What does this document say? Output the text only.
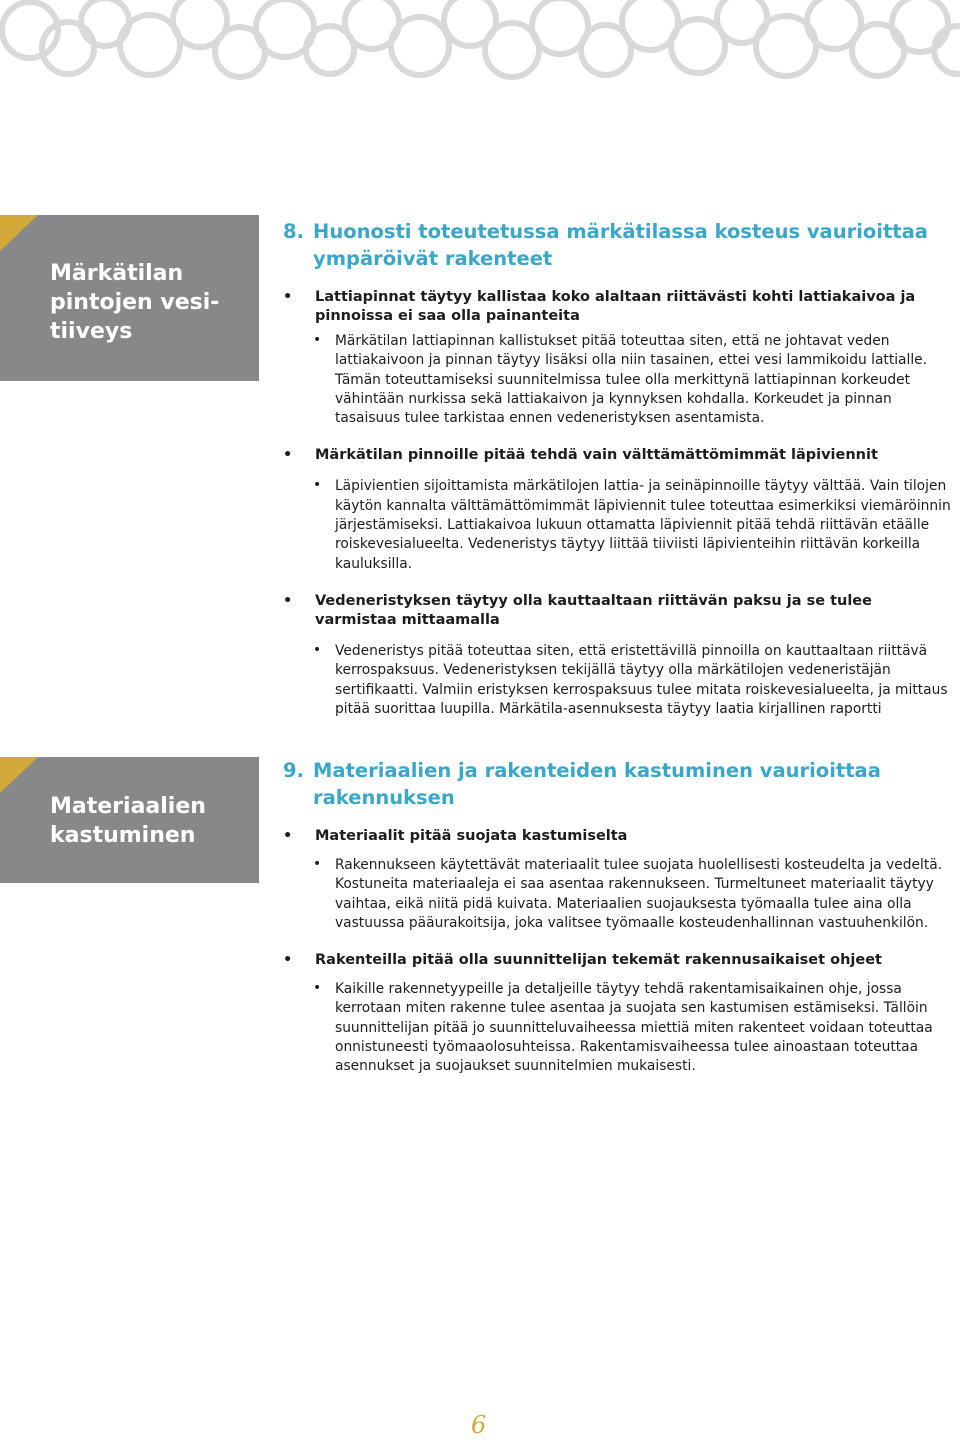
Märkätilan pintojen vesi-tiiveys
Materiaalien kastuminen
8. Huonosti toteutetussa märkätilassa kosteus vaurioittaa ympäröivät rakenteet
• Lattiapinnat täytyy kallistaa koko alaltaan riittävästi kohti lattiakaivoa ja pinnoissa ei saa olla painanteita
• Märkätilan lattiapinnan kallistukset pitää toteuttaa siten, että ne johtavat veden lattiakaivoon ja pinnan täytyy lisäksi olla niin tasainen, ettei vesi lammikoidu lattialle. Tämän toteuttamiseksi suunnitelmissa tulee olla merkittynä lattiapinnan korkeudet vähintään nurkissa sekä lattiakaivon ja kynnyksen kohdalla. Korkeudet ja pinnan tasaisuus tulee tarkistaa ennen vedeneristyksen asentamista.
• Märkätilan pinnoille pitää tehdä vain välttämättömimmät läpiviennit
• Läpivientien sijoittamista märkätilojen lattia- ja seinäpinnoille täytyy välttää. Vain tilojen käytön kannalta välttämättömimmät läpiviennit tulee toteuttaa esimerkiksi viemäröinnin järjestämiseksi. Lattiakaivoa lukuun ottamatta läpiviennit pitää tehdä riittävän etäälle roiskevesialueelta. Vedeneristys täytyy liittää tiiviisti läpivienteihin riittävän korkeilla kauluksilla.
• Vedeneristyksen täytyy olla kauttaaltaan riittävän paksu ja se tulee varmistaa mittaamalla
• Vedeneristys pitää toteuttaa siten, että eristettävillä pinnoilla on kauttaaltaan riittävä kerrospaksuus. Vedeneristyksen tekijällä täytyy olla märkätilojen vedeneristäjän sertifikaatti. Valmiin eristyksen kerrospaksuus tulee mitata roiskevesialueelta, ja mittaus pitää suorittaa luupilla. Märkätila-asennuksesta täytyy laatia kirjallinen raportti
9. Materiaalien ja rakenteiden kastuminen vaurioittaa rakennuksen
• Materiaalit pitää suojata kastumiselta
• Rakennukseen käytettävät materiaalit tulee suojata huolellisesti kosteudelta ja vedeltä. Kostuneita materiaaleja ei saa asentaa rakennukseen. Turmeltuneet materiaalit täytyy vaihtaa, eikä niitä pidä kuivata. Materiaalien suojauksesta työmaalla tulee aina olla vastuussa pääurakoitsija, joka valitsee työmaalle kosteudenhallinnan vastuuhenkilön.
• Rakenteilla pitää olla suunnittelijan tekemät rakennusaikaiset ohjeet
• Kaikille rakennetyypeille ja detaljeille täytyy tehdä rakentamisaikainen ohje, jossa kerrotaan miten rakenne tulee asentaa ja suojata sen kastumisen estämiseksi. Tällöin suunnittelijan pitää jo suunnitteluvaiheessa miettiä miten rakenteet voidaan toteuttaa onnistuneesti työmaaolosuhteissa. Rakentamisvaiheessa tulee ainoastaan toteuttaa asennukset ja suojaukset suunnitelmien mukaisesti.
6
